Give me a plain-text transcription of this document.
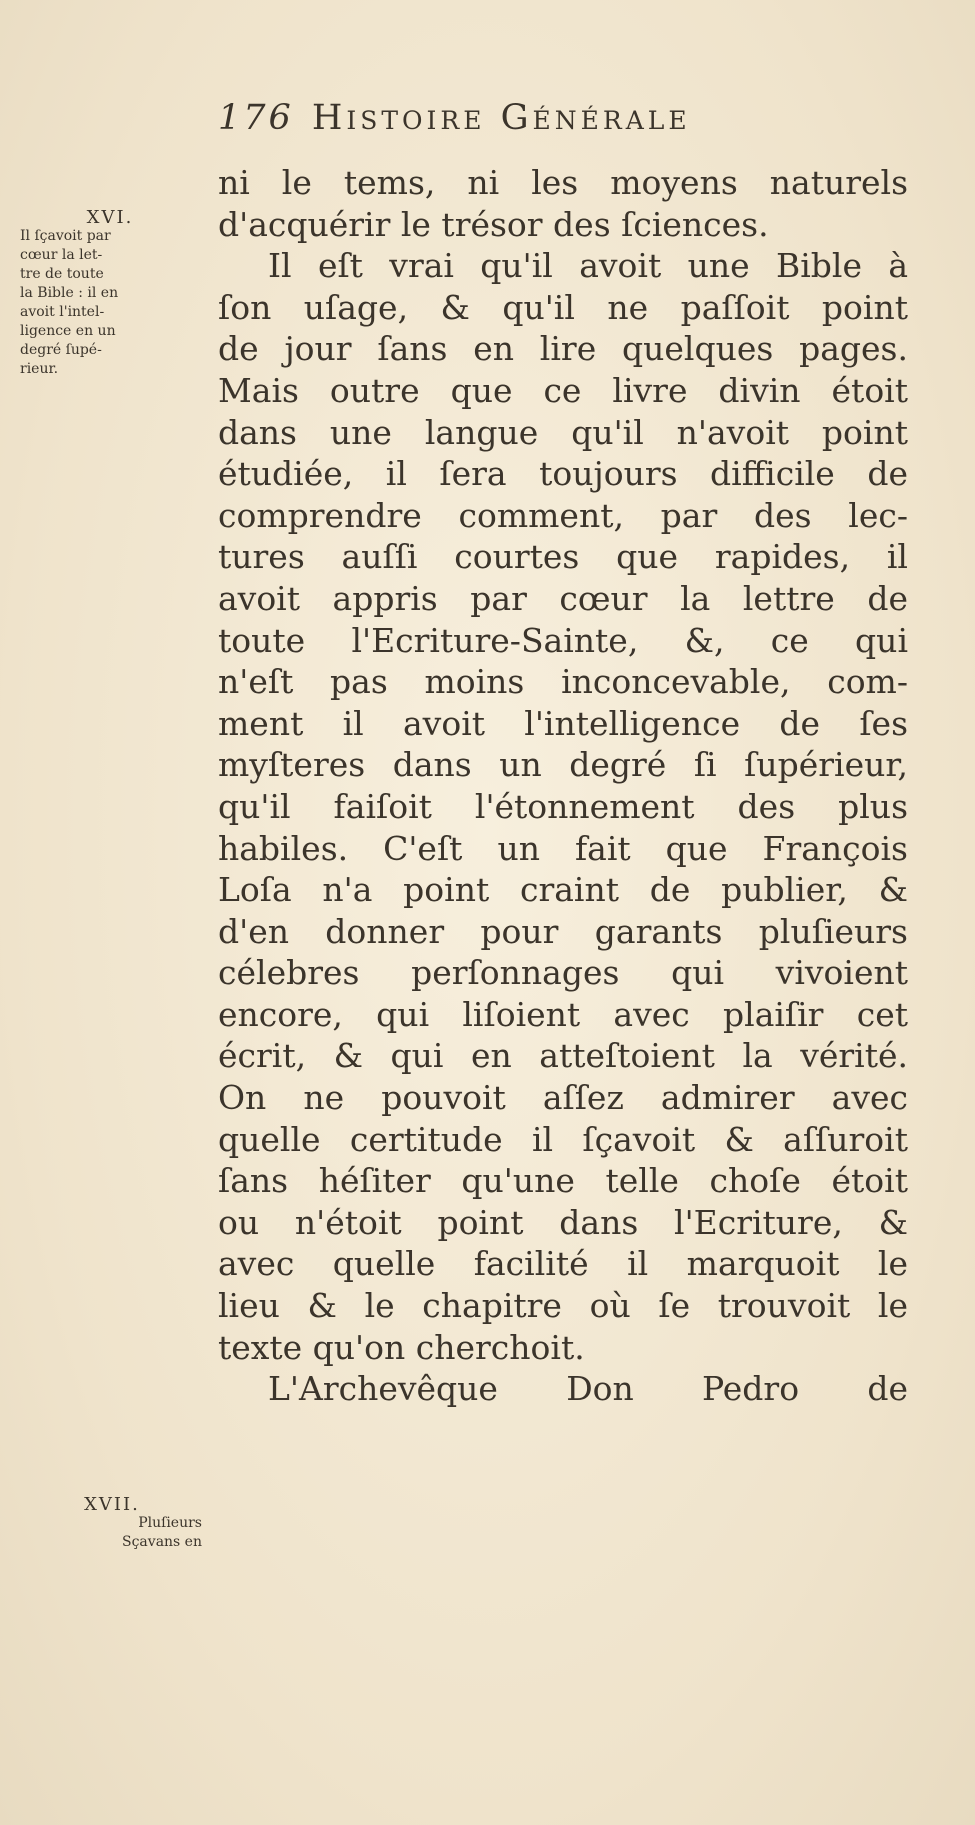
176 Histoire Générale
ni le tems, ni les moyens naturels
d'acquérir le trésor des ſciences.
Il eſt vrai qu'il avoit une Bible à
ſon uſage, & qu'il ne paſſoit point
de jour ſans en lire quelques pages.
Mais outre que ce livre divin étoit
dans une langue qu'il n'avoit point
étudiée, il ſera toujours difficile de
comprendre comment, par des lec-
tures auſſi courtes que rapides, il
avoit appris par cœur la lettre de
toute l'Ecriture-Sainte, &, ce qui
n'eſt pas moins inconcevable, com-
ment il avoit l'intelligence de ſes
myſteres dans un degré ſi ſupérieur,
qu'il faiſoit l'étonnement des plus
habiles. C'eſt un fait que François
Loſa n'a point craint de publier, &
d'en donner pour garants pluſieurs
célebres perſonnages qui vivoient
encore, qui liſoient avec plaiſir cet
écrit, & qui en atteſtoient la vérité.
On ne pouvoit aſſez admirer avec
quelle certitude il ſçavoit & aſſuroit
ſans héſiter qu'une telle choſe étoit
ou n'étoit point dans l'Ecriture, &
avec quelle facilité il marquoit le
lieu & le chapitre où ſe trouvoit le
texte qu'on cherchoit.
L'Archevêque Don Pedro de
XVI.
Il ſçavoit par
cœur la let-
tre de toute
la Bible : il en
avoit l'intel-
ligence en un
degré ſupé-
rieur.
XVII.
Pluſieurs
Sçavans en
